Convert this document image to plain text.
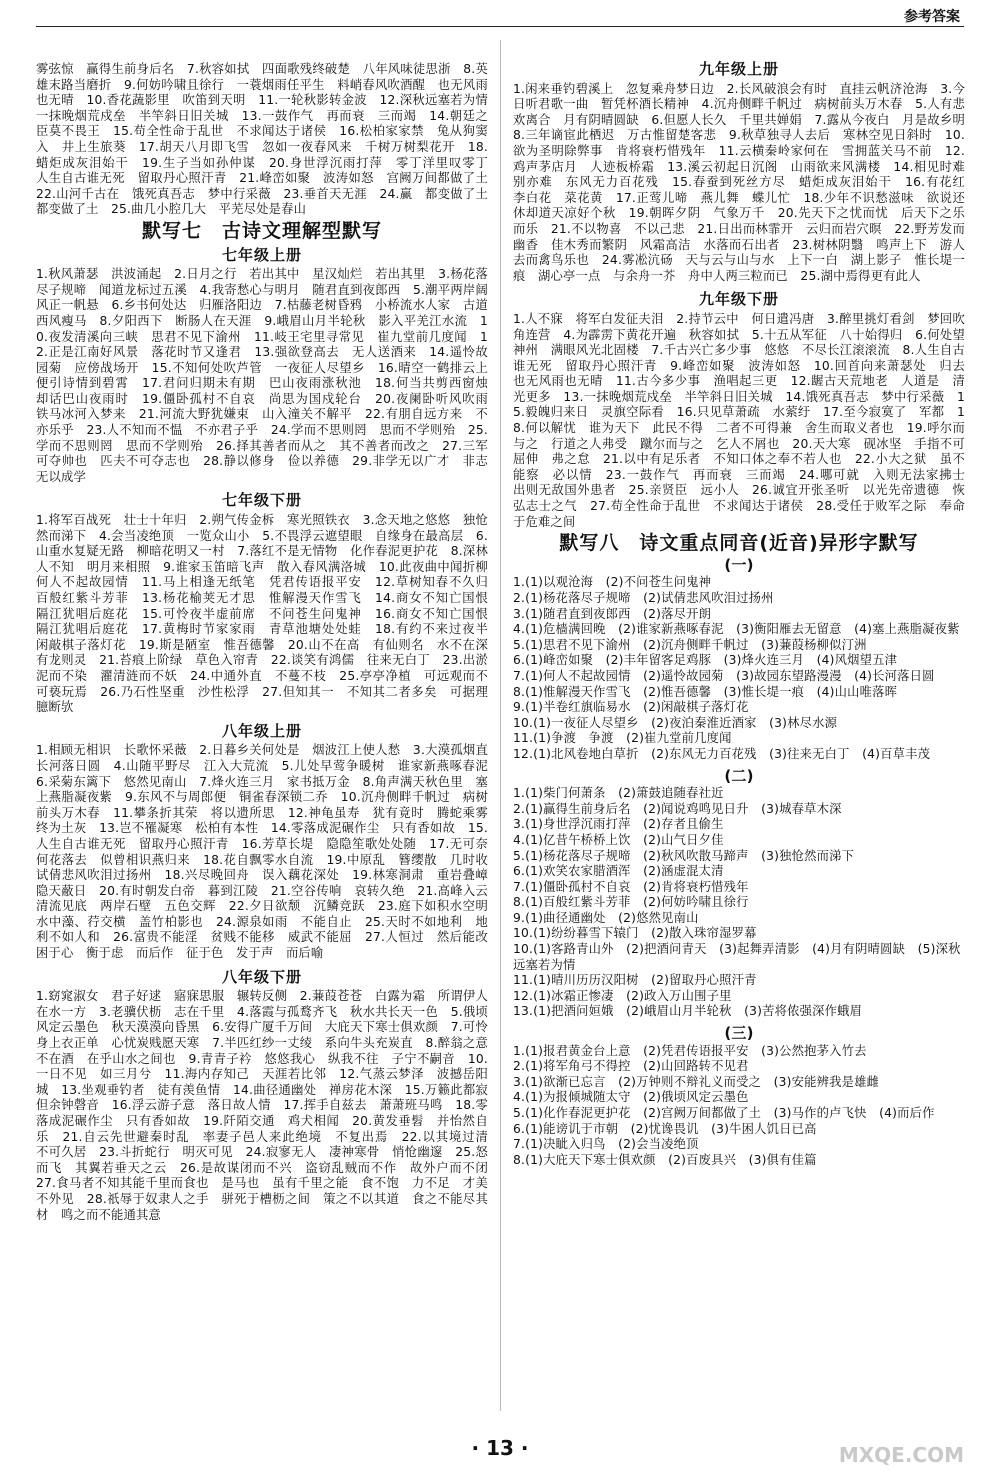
参考答案

雾弦惊　赢得生前身后名　7.秋容如拭　四面歌残终破楚　八年风味徒思浙　8.英雄末路当磨折　9.何妨吟啸且徐行　一蓑烟雨任平生　料峭春风吹酒醒　也无风雨也无晴　10.香花蔬影里　吹笛到天明　11.一轮秋影转金波　12.深秋远塞若为情　一抹晚烟荒戍垒　半竿斜日旧关城　13.一鼓作气　再而衰　三而竭　14.朝廷之臣莫不畏王　15.苟全性命于乱世　不求闻达于诸侯　16.松柏家家禁　兔从狗窦入　井上生旅葵　17.胡天八月即飞雪　忽如一夜春风来　千树万树梨花开　18.蜡炬成灰泪始干　19.生子当如孙仲谋　20.身世浮沉雨打萍　零丁洋里叹零丁　人生自古谁无死　留取丹心照汗青　21.峰峦如聚　波涛如怒　宫阙万间都做了土　22.山河千古在　饿死真吾志　梦中行采薇　23.垂首天无涯　24.赢　都变做了土　　都变做了土　25.曲几小腔几大　平芜尽处是春山

默写七　古诗文理解型默写
七年级上册

1.秋风萧瑟　洪波涌起　2.日月之行　若出其中　星汉灿烂　若出其里　3.杨花落尽子规啼　闻道龙标过五溪　4.我寄愁心与明月　随君直到夜郎西　5.潮平两岸阔　风正一帆悬　6.乡书何处达　归雁洛阳边　7.枯藤老树昏鸦　小桥流水人家　古道西风瘦马　8.夕阳西下　断肠人在天涯　9.峨眉山月半轮秋　影入平羌江水流　10.夜发清溪向三峡　思君不见下渝州　11.岐王宅里寻常见　崔九堂前几度闻　12.正是江南好风景　落花时节又逢君　13.强欲登高去　无人送酒来　14.遥怜故园菊　应傍战场开　15.不知何处吹芦管　一夜征人尽望乡　16.晴空一鹤排云上　便引诗情到碧霄　17.君问归期未有期　巴山夜雨涨秋池　18.何当共剪西窗烛　却话巴山夜雨时　19.僵卧孤村不自哀　尚思为国戍轮台　20.夜阑卧听风吹雨　铁马冰河入梦来　21.河流大野犹嫌束　山入潼关不解平　22.有朋自远方来　不亦乐乎　23.人不知而不愠　不亦君子乎　24.学而不思则罔　思而不学则殆　25.学而不思则罔　思而不学则殆　26.择其善者而从之　其不善者而改之　27.三军可夺帅也　匹夫不可夺志也　28.静以修身　俭以养德　29.非学无以广才　非志无以成学

七年级下册

1.将军百战死　壮士十年归　2.朔气传金柝　寒光照铁衣　3.念天地之悠悠　独怆然而涕下　4.会当凌绝顶　一览众山小　5.不畏浮云遮望眼　自缘身在最高层　6.山重水复疑无路　柳暗花明又一村　7.落红不是无情物　化作春泥更护花　8.深林人不知　明月来相照　9.谁家玉笛暗飞声　散入春风满洛城　10.此夜曲中闻折柳　何人不起故园情　11.马上相逢无纸笔　凭君传语报平安　12.草树知春不久归　百般红紫斗芳菲　13.杨花榆荚无才思　惟解漫天作雪飞　14.商女不知亡国恨　隔江犹唱后庭花　15.可怜夜半虚前席　不问苍生问鬼神　16.商女不知亡国恨　隔江犹唱后庭花　17.黄梅时节家家雨　青草池塘处处蛙　18.有约不来过夜半　闲敲棋子落灯花　19.斯是陋室　惟吾德馨　20.山不在高　有仙则名　水不在深　有龙则灵　21.苔痕上阶绿　草色入帘青　22.谈笑有鸿儒　往来无白丁　23.出淤泥而不染　濯清涟而不妖　24.中通外直　不蔓不枝　25.亭亭净植　可远观而不可亵玩焉　26.乃石性坚重　沙性松浮　27.但知其一　不知其二者多矣　可据理臆断欤

八年级上册

1.相顾无相识　长歌怀采薇　2.日暮乡关何处是　烟波江上使人愁　3.大漠孤烟直　长河落日圆　4.山随平野尽　江入大荒流　5.儿处早莺争暖树　谁家新燕啄春泥　6.采菊东篱下　悠然见南山　7.烽火连三月　家书抵万金　8.角声满天秋色里　塞上燕脂凝夜紫　9.东风不与周郎便　铜雀春深锁二乔　10.沉舟侧畔千帆过　病树前头万木春　11.攀条折其荣　将以遗所思　12.神龟虽寿　犹有竟时　腾蛇乘雾　终为土灰　13.岂不罹凝寒　松柏有本性　14.零落成泥碾作尘　只有香如故　15.人生自古谁无死　留取丹心照汗青　16.芳草长堤　隐隐笙歌处处随　17.无可奈何花落去　似曾相识燕归来　18.花自飘零水自流　19.中原乱　簪缨散　几时收　试倩悲风吹泪过扬州　18.兴尽晚回舟　误入藕花深处　19.林寒洞肃　重岩叠嶂　隐天蔽日　20.有时朝发白帝　暮到江陵　21.空谷传响　哀转久绝　21.高峰入云　清流见底　两岸石壁　五色交辉　22.夕日欲颓　沉鳞竞跃　23.庭下如积水空明　水中藻、荇交横　盖竹柏影也　24.源泉如雨　不能自止　25.天时不如地利　地利不如人和　26.富贵不能淫　贫贱不能移　威武不能屈　27.人恒过　然后能改　困于心　衡于虑　而后作　征于色　发于声　而后喻

八年级下册

1.窈窕淑女　君子好逑　寤寐思服　辗转反侧　2.蒹葭苍苍　白露为霜　所谓伊人　在水一方　3.老骥伏枥　志在千里　4.落霞与孤鹜齐飞　秋水共长天一色　5.俄顷风定云墨色　秋天漠漠向昏黑　6.安得广厦千万间　大庇天下寒士俱欢颜　7.可怜身上衣正单　心忧炭贱愿天寒　7.半匹红纱一丈绫　系向牛头充炭直　8.醉翁之意不在酒　在乎山水之间也　9.青青子衿　悠悠我心　纵我不往　子宁不嗣音　10.一日不见　如三月兮　11.海内存知己　天涯若比邻　12.气蒸云梦泽　波撼岳阳城　13.坐观垂钓者　徒有羡鱼情　14.曲径通幽处　禅房花木深　15.万籁此都寂　但余钟磬音　16.浮云游子意　落日故人情　17.挥手自兹去　萧萧班马鸣　18.零落成泥碾作尘　只有香如故　19.阡陌交通　鸡犬相闻　20.黄发垂髫　并怡然自乐　21.自云先世避秦时乱　率妻子邑人来此绝境　不复出焉　22.以其境过清　不可久居　23.斗折蛇行　明灭可见　24.寂寥无人　凄神寒骨　悄怆幽邃　25.怒而飞　其翼若垂天之云　26.是故谋闭而不兴　盗窃乱贼而不作　故外户而不闭　27.食马者不知其能千里而食也　是马也　虽有千里之能　食不饱　力不足　才美不外见　28.祇辱于奴隶人之手　骈死于槽枥之间　策之不以其道　食之不能尽其材　鸣之而不能通其意

九年级上册

1.闲来垂钓碧溪上　忽复乘舟梦日边　2.长风破浪会有时　直挂云帆济沧海　3.今日听君歌一曲　暂凭杯酒长精神　4.沉舟侧畔千帆过　病树前头万木春　5.人有悲欢离合　月有阴晴圆缺　6.但愿人长久　千里共婵娟　7.露从今夜白　月是故乡明　8.三年谪宦此栖迟　万古惟留楚客悲　9.秋草独寻人去后　寒林空见日斜时　10.欲为圣明除弊事　肯将衰朽惜残年　11.云横秦岭家何在　雪拥蓝关马不前　12.鸡声茅店月　人迹板桥霜　13.溪云初起日沉阁　山雨欲来风满楼　14.相见时难别亦难　东风无力百花残　15.春蚕到死丝方尽　蜡炬成灰泪始干　16.有花红　李白花　菜花黄　17.正莺儿啼　燕儿舞　蝶儿忙　18.少年不识愁滋味　欲说还休却道天凉好个秋　19.朝晖夕阴　气象万千　20.先天下之忧而忧　后天下之乐而乐　21.不以物喜　不以己悲　21.日出而林霏开　云归而岩穴暝　22.野芳发而幽香　佳木秀而繁阴　风霜高洁　水落而石出者　23.树林阴翳　鸣声上下　游人去而禽鸟乐也　24.雾凇沆砀　天与云与山与水　上下一白　湖上影子　惟长堤一痕　湖心亭一点　与余舟一芥　舟中人两三粒而已　25.湖中焉得更有此人

九年级下册

1.人不寐　将军白发征夫泪　2.持节云中　何日遣冯唐　3.醉里挑灯看剑　梦回吹角连营　4.为霹雳下黄花开遍　秋容如拭　5.十五从军征　八十始得归　6.何处望神州　满眼风光北固楼　7.千古兴亡多少事　悠悠　不尽长江滚滚流　8.人生自古谁无死　留取丹心照汗青　9.峰峦如聚　波涛如怒　10.回首向来萧瑟处　归去　也无风雨也无晴　11.古今多少事　渔唱起三更　12.龌古天荒地老　人道是　清光更多　13.一抹晚烟荒戍垒　半竿斜日旧关城　14.饿死真吾志　梦中行采薇　15.毅魄归来日　灵旗空际看　16.只见草萧疏　水萦纡　17.至今寂寞了　军都　18.何以解忧　谁为天下　此民不得　二者不可得兼　舍生而取义者也　19.呼尔而与之　行道之人弗受　蹴尔而与之　乞人不屑也　20.天大寒　砚冰坚　手指不可屈伸　弗之怠　21.以中有足乐者　不知口体之奉不若人也　22.小大之狱　虽不能察　必以情　23.一鼓作气　再而衰　三而竭　24.哪可就　入则无法家拂士　出则无敌国外患者　25.亲贤臣　远小人　26.诚宜开张圣听　以光先帝遗德　恢弘志士之气　27.苟全性命于乱世　不求闻达于诸侯　28.受任于败军之际　奉命于危难之间

默写八　诗文重点同音(近音)异形字默写
(一)

1.(1)以观沧海　(2)不问苍生问鬼神

2.(1)杨花落尽子规啼　(2)试倩悲风吹泪过扬州

3.(1)随君直到夜郎西　(2)落尽开朗

4.(1)危樯满回晚　(2)谁家新燕啄春泥　(3)衡阳雁去无留意　(4)塞上燕脂凝夜紫

5.(1)思君不见下渝州　(2)沉舟侧畔千帆过　(3)蒹葭杨柳似汀洲

6.(1)峰峦如聚　(2)丰年留客足鸡豚　(3)烽火连三月　(4)风烟望五津

7.(1)何人不起故园情　(2)遥怜故园菊　(3)故园东望路漫漫　(4)长河落日圆

8.(1)惟解漫天作雪飞　(2)惟吾德馨　(3)惟长堤一痕　(4)山山唯落晖

9.(1)半卷红旗临易水　(2)闲敲棋子落灯花

10.(1)一夜征人尽望乡　(2)夜泊秦淮近酒家　(3)林尽水源

11.(1)争渡　争渡　(2)崔九堂前几度闻

12.(1)北风卷地白草折　(2)东风无力百花残　(3)往来无白丁　(4)百草丰茂

(二)

1.(1)柴门何萧条　(2)箫鼓追随春社近

2.(1)赢得生前身后名　(2)闻说鸡鸣见日升　(3)城春草木深

3.(1)身世浮沉雨打萍　(2)存者且偷生

4.(1)亿昔午桥桥上饮　(2)山气日夕佳

5.(1)杨花落尽子规啼　(2)秋风吹散马蹄声　(3)独怆然而涕下

6.(1)欢笑农家腊酒浑　(2)涵虚混太清

7.(1)僵卧孤村不自哀　(2)肯将衰朽惜残年

8.(1)百般红紫斗芳菲　(2)何妨吟啸且徐行

9.(1)曲径通幽处　(2)悠然见南山

10.(1)纷纷暮雪下辕门　(2)散入珠帘湿罗幕

10.(1)客路青山外　(2)把酒问青天　(3)起舞弄清影　(4)月有阴晴圆缺　(5)深秋远塞若为情

11.(1)晴川历历汉阳树　(2)留取丹心照汗青

12.(1)冰霜正惨凄　(2)政入万山围子里

13.(1)把酒问姮娥　(2)峨眉山月半轮秋　(3)苦将侬强深作蛾眉

(三)

1.(1)报君黄金台上意　(2)凭君传语报平安　(3)公然抱茅入竹去

2.(1)将军角弓不得控　(2)山回路转不见君

3.(1)欲渐已忘言　(2)万钟则不辩礼义而受之　(3)安能辨我是雄雌

4.(1)为报倾城随太守　(2)俄顷风定云墨色

5.(1)化作春泥更护花　(2)宫阙万间都做了土　(3)马作的卢飞快　(4)而后作

6.(1)能谤讥于市朝　(2)忧谗畏讥　(3)牛困人饥日已高

7.(1)决眦入归鸟　(2)会当凌绝顶

8.(1)大庇天下寒士俱欢颜　(2)百废具兴　(3)俱有佳篇

· 13 ·	MXQE.COM
